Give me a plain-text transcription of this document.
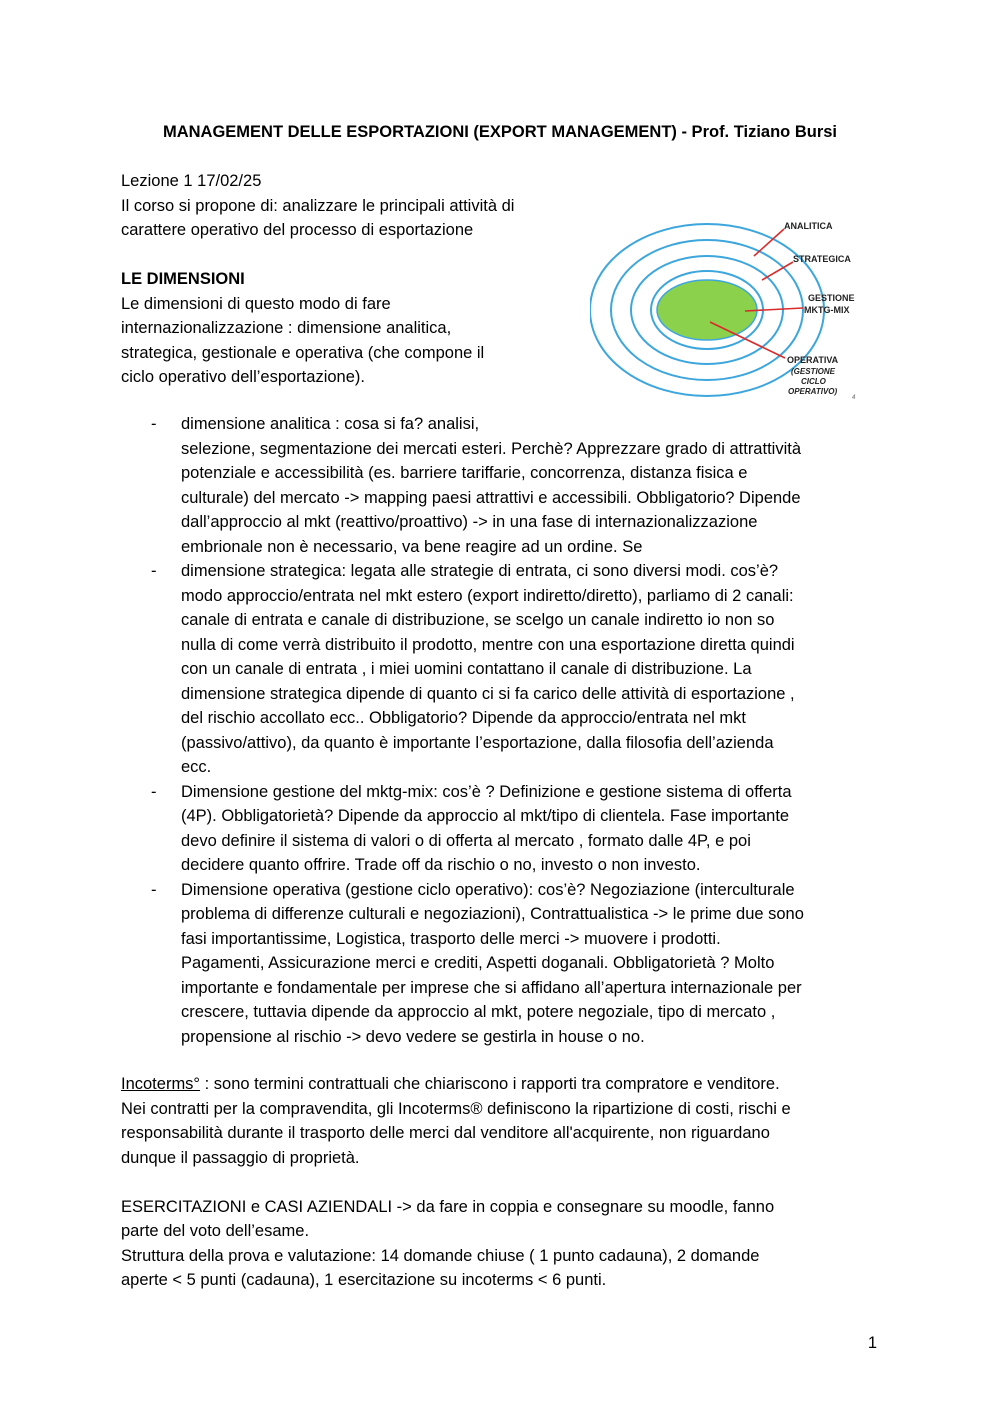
MANAGEMENT DELLE ESPORTAZIONI (EXPORT MANAGEMENT) - Prof. Tiziano Bursi

Lezione 1 17/02/25

Il corso si propone di: analizzare le principali attività di

carattere operativo del processo di esportazione

LE DIMENSIONI

Le dimensioni di questo modo di fare

internazionalizzazione : dimensione analitica,

strategica, gestionale e operativa (che compone il

ciclo operativo dell’esportazione).

ANALITICA
STRATEGICA
GESTIONE
MKTG-MIX
OPERATIVA
(GESTIONE
CICLO
OPERATIVO)
4
- dimensione analitica : cosa si fa? analisi,
selezione, segmentazione dei mercati esteri. Perchè? Apprezzare grado di attrattività
potenziale e accessibilità (es. barriere tariffarie, concorrenza, distanza fisica e
culturale) del mercato -> mapping paesi attrattivi e accessibili. Obbligatorio? Dipende
dall’approccio al mkt (reattivo/proattivo) -> in una fase di internazionalizzazione
embrionale non è necessario, va bene reagire ad un ordine. Se
- dimensione strategica: legata alle strategie di entrata, ci sono diversi modi. cos’è?
modo approccio/entrata nel mkt estero (export indiretto/diretto), parliamo di 2 canali:
canale di entrata e canale di distribuzione, se scelgo un canale indiretto io non so
nulla di come verrà distribuito il prodotto, mentre con una esportazione diretta quindi
con un canale di entrata , i miei uomini contattano il canale di distribuzione. La
dimensione strategica dipende di quanto ci si fa carico delle attività di esportazione ,
del rischio accollato ecc.. Obbligatorio? Dipende da approccio/entrata nel mkt
(passivo/attivo), da quanto è importante l’esportazione, dalla filosofia dell’azienda
ecc.
- Dimensione gestione del mktg-mix: cos’è ? Definizione e gestione sistema di offerta
(4P). Obbligatorietà? Dipende da approccio al mkt/tipo di clientela. Fase importante
devo definire il sistema di valori o di offerta al mercato , formato dalle 4P, e poi
decidere quanto offrire. Trade off da rischio o no, investo o non investo.
- Dimensione operativa (gestione ciclo operativo): cos’è? Negoziazione (interculturale
problema di differenze culturali e negoziazioni), Contrattualistica -> le prime due sono
fasi importantissime, Logistica, trasporto delle merci -> muovere i prodotti.
Pagamenti, Assicurazione merci e crediti, Aspetti doganali. Obbligatorietà ? Molto
importante e fondamentale per imprese che si affidano all’apertura internazionale per
crescere, tuttavia dipende da approccio al mkt, potere negoziale, tipo di mercato ,
propensione al rischio -> devo vedere se gestirla in house o no.

Incoterms° : sono termini contrattuali che chiariscono i rapporti tra compratore e venditore.

Nei contratti per la compravendita, gli Incoterms® definiscono la ripartizione di costi, rischi e

responsabilità durante il trasporto delle merci dal venditore all'acquirente, non riguardano

dunque il passaggio di proprietà.

ESERCITAZIONI e CASI AZIENDALI -> da fare in coppia e consegnare su moodle, fanno

parte del voto dell’esame.

Struttura della prova e valutazione: 14 domande chiuse ( 1 punto cadauna), 2 domande

aperte < 5 punti (cadauna), 1 esercitazione su incoterms < 6 punti.

1
